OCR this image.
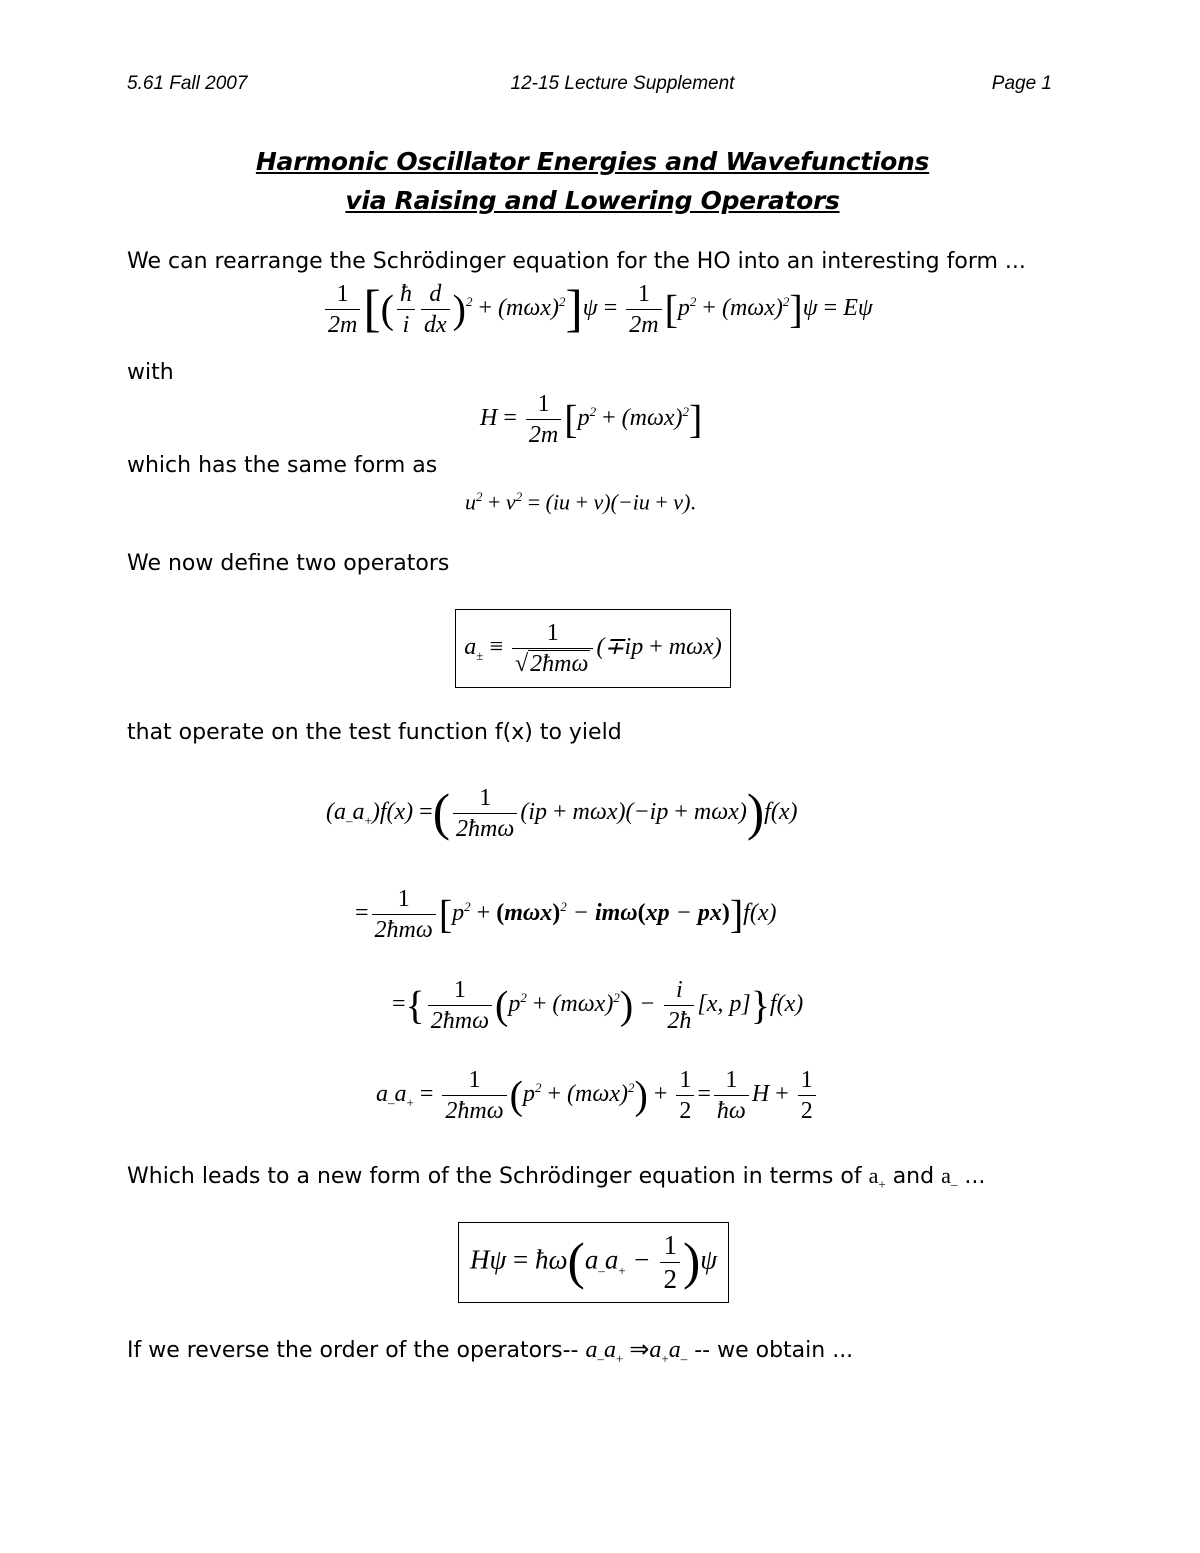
5.61 Fall 2007	12-15 Lecture Supplement	Page 1
Harmonic Oscillator Energies and Wavefunctions
via Raising and Lowering Operators
We can rearrange the Schrödinger equation for the HO into an interesting form ...
$\frac{1}{2m}$ [( $\frac{ħ}{i} \frac{d}{dx} )^2 + (m\omega x)^2]\psi = \frac{1}{2m} [p^2 + (m\omega x)^2]\psi = E\psi$
with
$H = \frac{1}{2m} [p^2 + (m\omega x)^2]$
which has the same form as
$u^2 + v^2 = (iu + v)(-iu + v)$.
We now define two operators
$a_\pm \equiv \frac{1}{\text{√2ħmω}} (\mp ip + m\omega x)$
that operate on the test function f(x) to yield
$(a_-a_+)f(x)$ =( $\frac{1}{\text{2ħmω}} (ip + m\omega x)(-ip + m\omega x))f(x)$
= $\frac{1}{\text{2ħmω}} [p^2 + (m\omega x)^2 - im\omega(xp - px)]f(x)$
={ $\frac{1}{\text{2ħmω}} (p^2 + (m\omega x)^2) - \frac{i}{2ħ} [x$, p]}f(x)
$a_-a_+ = \frac{1}{\text{2ħmω}} (p^2 + (m\omega x)^2) + \frac{1}{2} = \frac{1}{ħ\omega}$ $H + \frac{1}{2}$
Which leads to a new form of the Schrödinger equation in terms of $a_+$ and $a_-$ ...
$H\psi = ħ\omega(a_-a_+ - \frac{1}{2} )\psi$
If we reverse the order of the operators-- $a_-a_+$ $\Rightarrow a_+a_-$ -- we obtain ...
